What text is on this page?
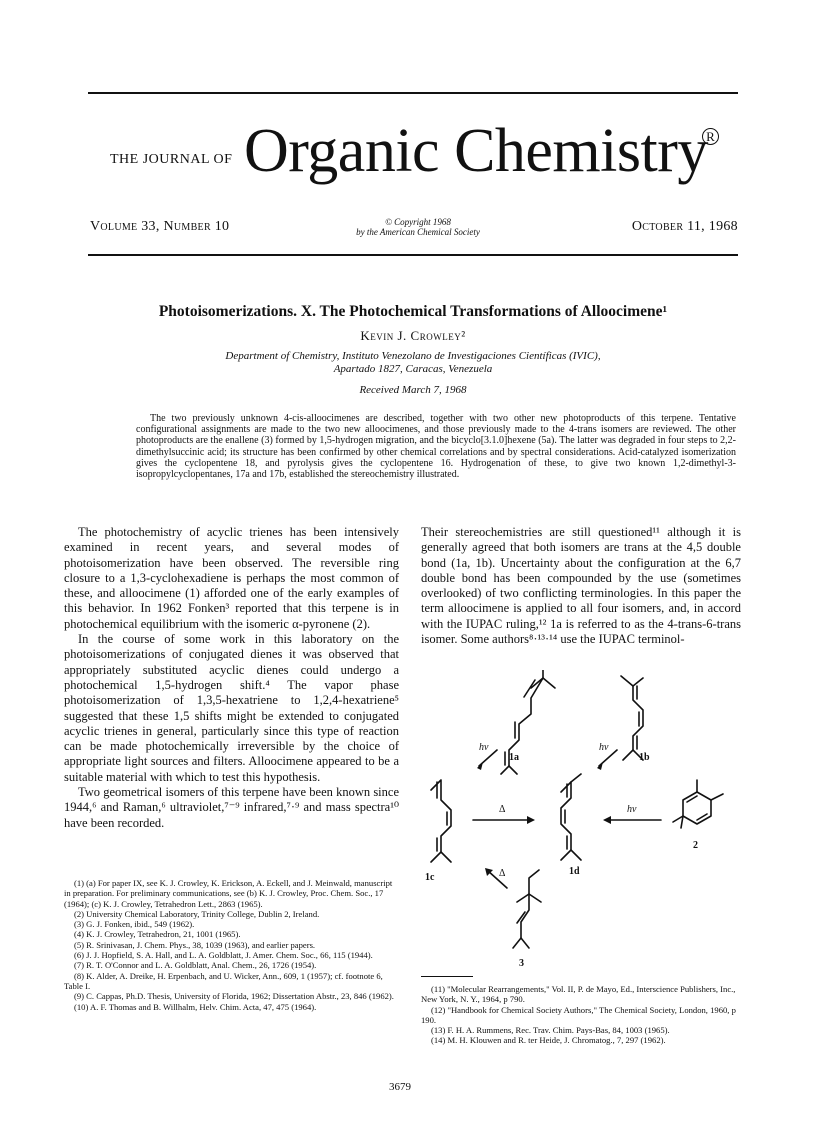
THE JOURNAL OF Organic Chemistry
R
Volume 33, Number 10	© Copyright 1968
by the American Chemical Society	October 11, 1968
Photoisomerizations. X. The Photochemical Transformations of Alloocimene¹
Kevin J. Crowley²
Department of Chemistry, Instituto Venezolano de Investigaciones Científicas (IVIC),
Apartado 1827, Caracas, Venezuela
Received March 7, 1968
The two previously unknown 4-cis-alloocimenes are described, together with two other new photoproducts of this terpene. Tentative configurational assignments are made to the two new alloocimenes, and those previously made to the 4-trans isomers are reviewed. The other photoproducts are the enallene (3) formed by 1,5-hydrogen migration, and the bicyclo[3.1.0]hexene (5a). The latter was degraded in four steps to 2,2-dimethylsuccinic acid; its structure has been confirmed by other chemical correlations and by spectral considerations. Acid-catalyzed isomerization gives the cyclopentene 18, and pyrolysis gives the cyclopentene 16. Hydrogenation of these, to give two known 1,2-dimethyl-3-isopropylcyclopentanes, 17a and 17b, established the stereochemistry illustrated.

The photochemistry of acyclic trienes has been intensively examined in recent years, and several modes of photoisomerization have been observed. The reversible ring closure to a 1,3-cyclohexadiene is perhaps the most common of these, and alloocimene (1) afforded one of the early examples of this behavior. In 1962 Fonken³ reported that this terpene is in photochemical equilibrium with the isomeric α-pyronene (2).

In the course of some work in this laboratory on the photoisomerizations of conjugated dienes it was observed that appropriately substituted acyclic dienes could undergo a photochemical 1,5-hydrogen shift.⁴ The vapor phase photoisomerization of 1,3,5-hexatriene to 1,2,4-hexatriene⁵ suggested that these 1,5 shifts might be extended to conjugated acyclic trienes in general, particularly since this type of reaction can be made photochemically irreversible by the choice of appropriate light sources and filters. Alloocimene appeared to be a suitable material with which to test this hypothesis.

Two geometrical isomers of this terpene have been known since 1944,⁶ and Raman,⁶ ultraviolet,⁷⁻⁹ infrared,⁷·⁹ and mass spectra¹⁰ have been recorded.

Their stereochemistries are still questioned¹¹ although it is generally agreed that both isomers are trans at the 4,5 double bond (1a, 1b). Uncertainty about the configuration at the 6,7 double bond has been compounded by the use (sometimes overlooked) of two conflicting terminologies. In this paper the term alloocimene is applied to all four isomers, and, in accord with the IUPAC ruling,¹² 1a is referred to as the 4-trans-6-trans isomer. Some authors⁸·¹³·¹⁴ use the IUPAC terminol-

hν	hν
Δ	hν
Δ
1a	1b
1c
1d
2
3
(1) (a) For paper IX, see K. J. Crowley, K. Erickson, A. Eckell, and J. Meinwald, manuscript in preparation. For preliminary communications, see (b) K. J. Crowley, Proc. Chem. Soc., 17 (1964); (c) K. J. Crowley, Tetrahedron Lett., 2863 (1965).
(2) University Chemical Laboratory, Trinity College, Dublin 2, Ireland.
(3) G. J. Fonken, ibid., 549 (1962).
(4) K. J. Crowley, Tetrahedron, 21, 1001 (1965).
(5) R. Srinivasan, J. Chem. Phys., 38, 1039 (1963), and earlier papers.
(6) J. J. Hopfield, S. A. Hall, and L. A. Goldblatt, J. Amer. Chem. Soc., 66, 115 (1944).
(7) R. T. O'Connor and L. A. Goldblatt, Anal. Chem., 26, 1726 (1954).
(8) K. Alder, A. Dreike, H. Erpenbach, and U. Wicker, Ann., 609, 1 (1957); cf. footnote 6, Table I.
(9) C. Cappas, Ph.D. Thesis, University of Florida, 1962; Dissertation Abstr., 23, 846 (1962).
(10) A. F. Thomas and B. Willhalm, Helv. Chim. Acta, 47, 475 (1964).
(11) "Molecular Rearrangements," Vol. II, P. de Mayo, Ed., Interscience Publishers, Inc., New York, N. Y., 1964, p 790.
(12) "Handbook for Chemical Society Authors," The Chemical Society, London, 1960, p 190.
(13) F. H. A. Rummens, Rec. Trav. Chim. Pays-Bas, 84, 1003 (1965).
(14) M. H. Klouwen and R. ter Heide, J. Chromatog., 7, 297 (1962).
3679
